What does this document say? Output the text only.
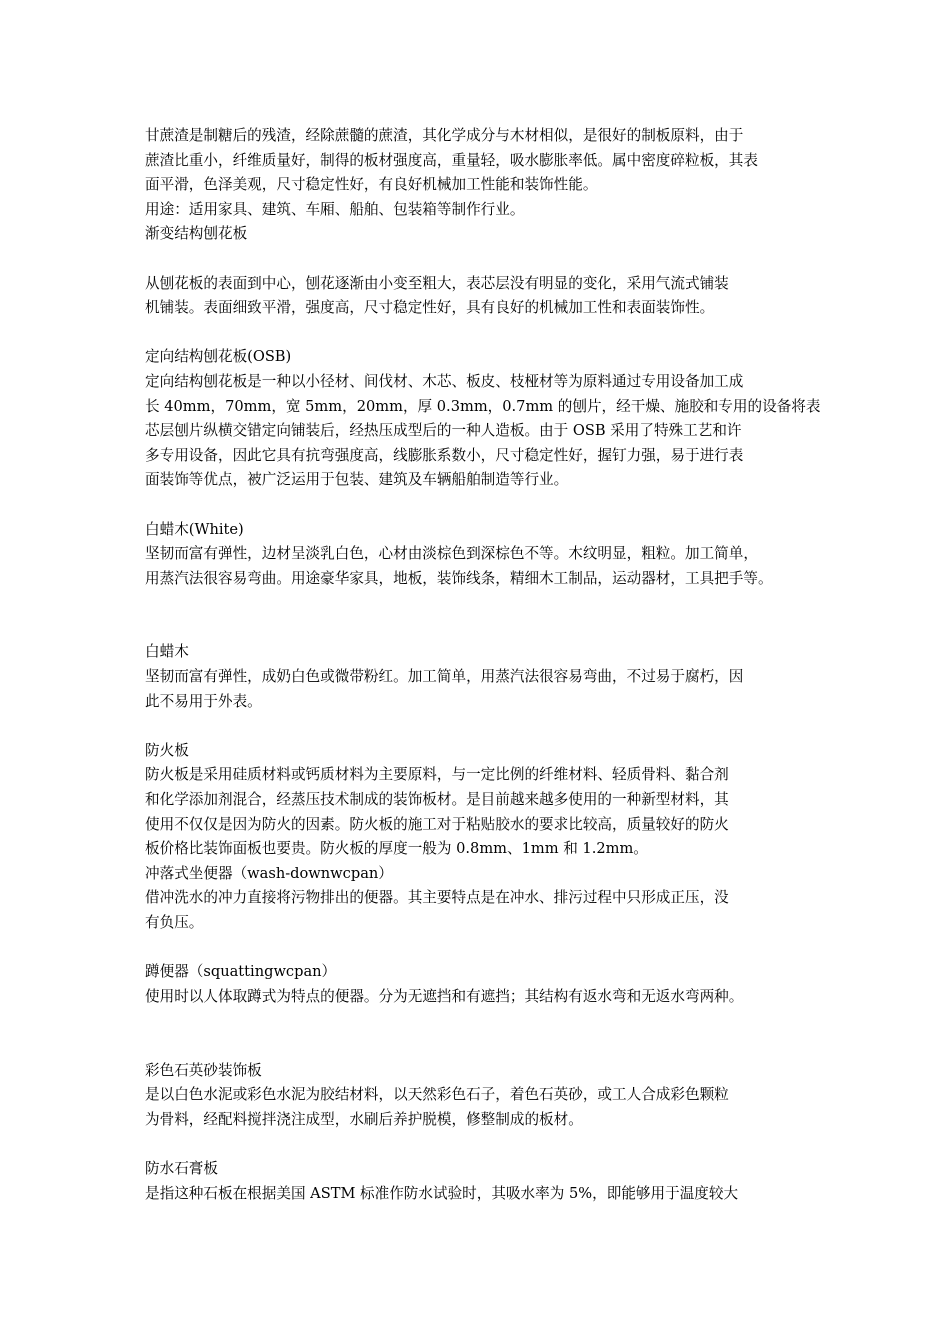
甘蔗渣是制糖后的残渣，经除蔗髓的蔗渣，其化学成分与木材相似，是很好的制板原料，由于
蔗渣比重小，纤维质量好，制得的板材强度高，重量轻，吸水膨胀率低。属中密度碎粒板，其表
面平滑，色泽美观，尺寸稳定性好，有良好机械加工性能和装饰性能。
用途：适用家具、建筑、车厢、船舶、包装箱等制作行业。
渐变结构刨花板
从刨花板的表面到中心，刨花逐渐由小变至粗大，表芯层没有明显的变化，采用气流式铺装
机铺装。表面细致平滑，强度高，尺寸稳定性好，具有良好的机械加工性和表面装饰性。
定向结构刨花板(OSB)
定向结构刨花板是一种以小径材、间伐材、木芯、板皮、枝桠材等为原料通过专用设备加工成
长 40mm，70mm，宽 5mm，20mm，厚 0.3mm，0.7mm 的刨片，经干燥、施胶和专用的设备将表
芯层刨片纵横交错定向铺装后，经热压成型后的一种人造板。由于 OSB 采用了特殊工艺和许
多专用设备，因此它具有抗弯强度高，线膨胀系数小，尺寸稳定性好，握钉力强，易于进行表
面装饰等优点，被广泛运用于包装、建筑及车辆船舶制造等行业。
白蜡木(White)
坚韧而富有弹性，边材呈淡乳白色，心材由淡棕色到深棕色不等。木纹明显，粗粒。加工简单，
用蒸汽法很容易弯曲。用途豪华家具，地板，装饰线条，精细木工制品，运动器材，工具把手等。
白蜡木
坚韧而富有弹性，成奶白色或微带粉红。加工简单，用蒸汽法很容易弯曲，不过易于腐朽，因
此不易用于外表。
防火板
防火板是采用硅质材料或钙质材料为主要原料，与一定比例的纤维材料、轻质骨料、黏合剂
和化学添加剂混合，经蒸压技术制成的装饰板材。是目前越来越多使用的一种新型材料，其
使用不仅仅是因为防火的因素。防火板的施工对于粘贴胶水的要求比较高，质量较好的防火
板价格比装饰面板也要贵。防火板的厚度一般为 0.8mm、1mm 和 1.2mm。
冲落式坐便器（wash-downwcpan）
借冲洗水的冲力直接将污物排出的便器。其主要特点是在冲水、排污过程中只形成正压，没
有负压。
蹲便器（squattingwcpan）
使用时以人体取蹲式为特点的便器。分为无遮挡和有遮挡；其结构有返水弯和无返水弯两种。
彩色石英砂装饰板
是以白色水泥或彩色水泥为胶结材料，以天然彩色石子，着色石英砂，或工人合成彩色颗粒
为骨料，经配料搅拌浇注成型，水刷后养护脱模，修整制成的板材。
防水石膏板
是指这种石板在根据美国 ASTM 标准作防水试验时，其吸水率为 5%，即能够用于温度较大
